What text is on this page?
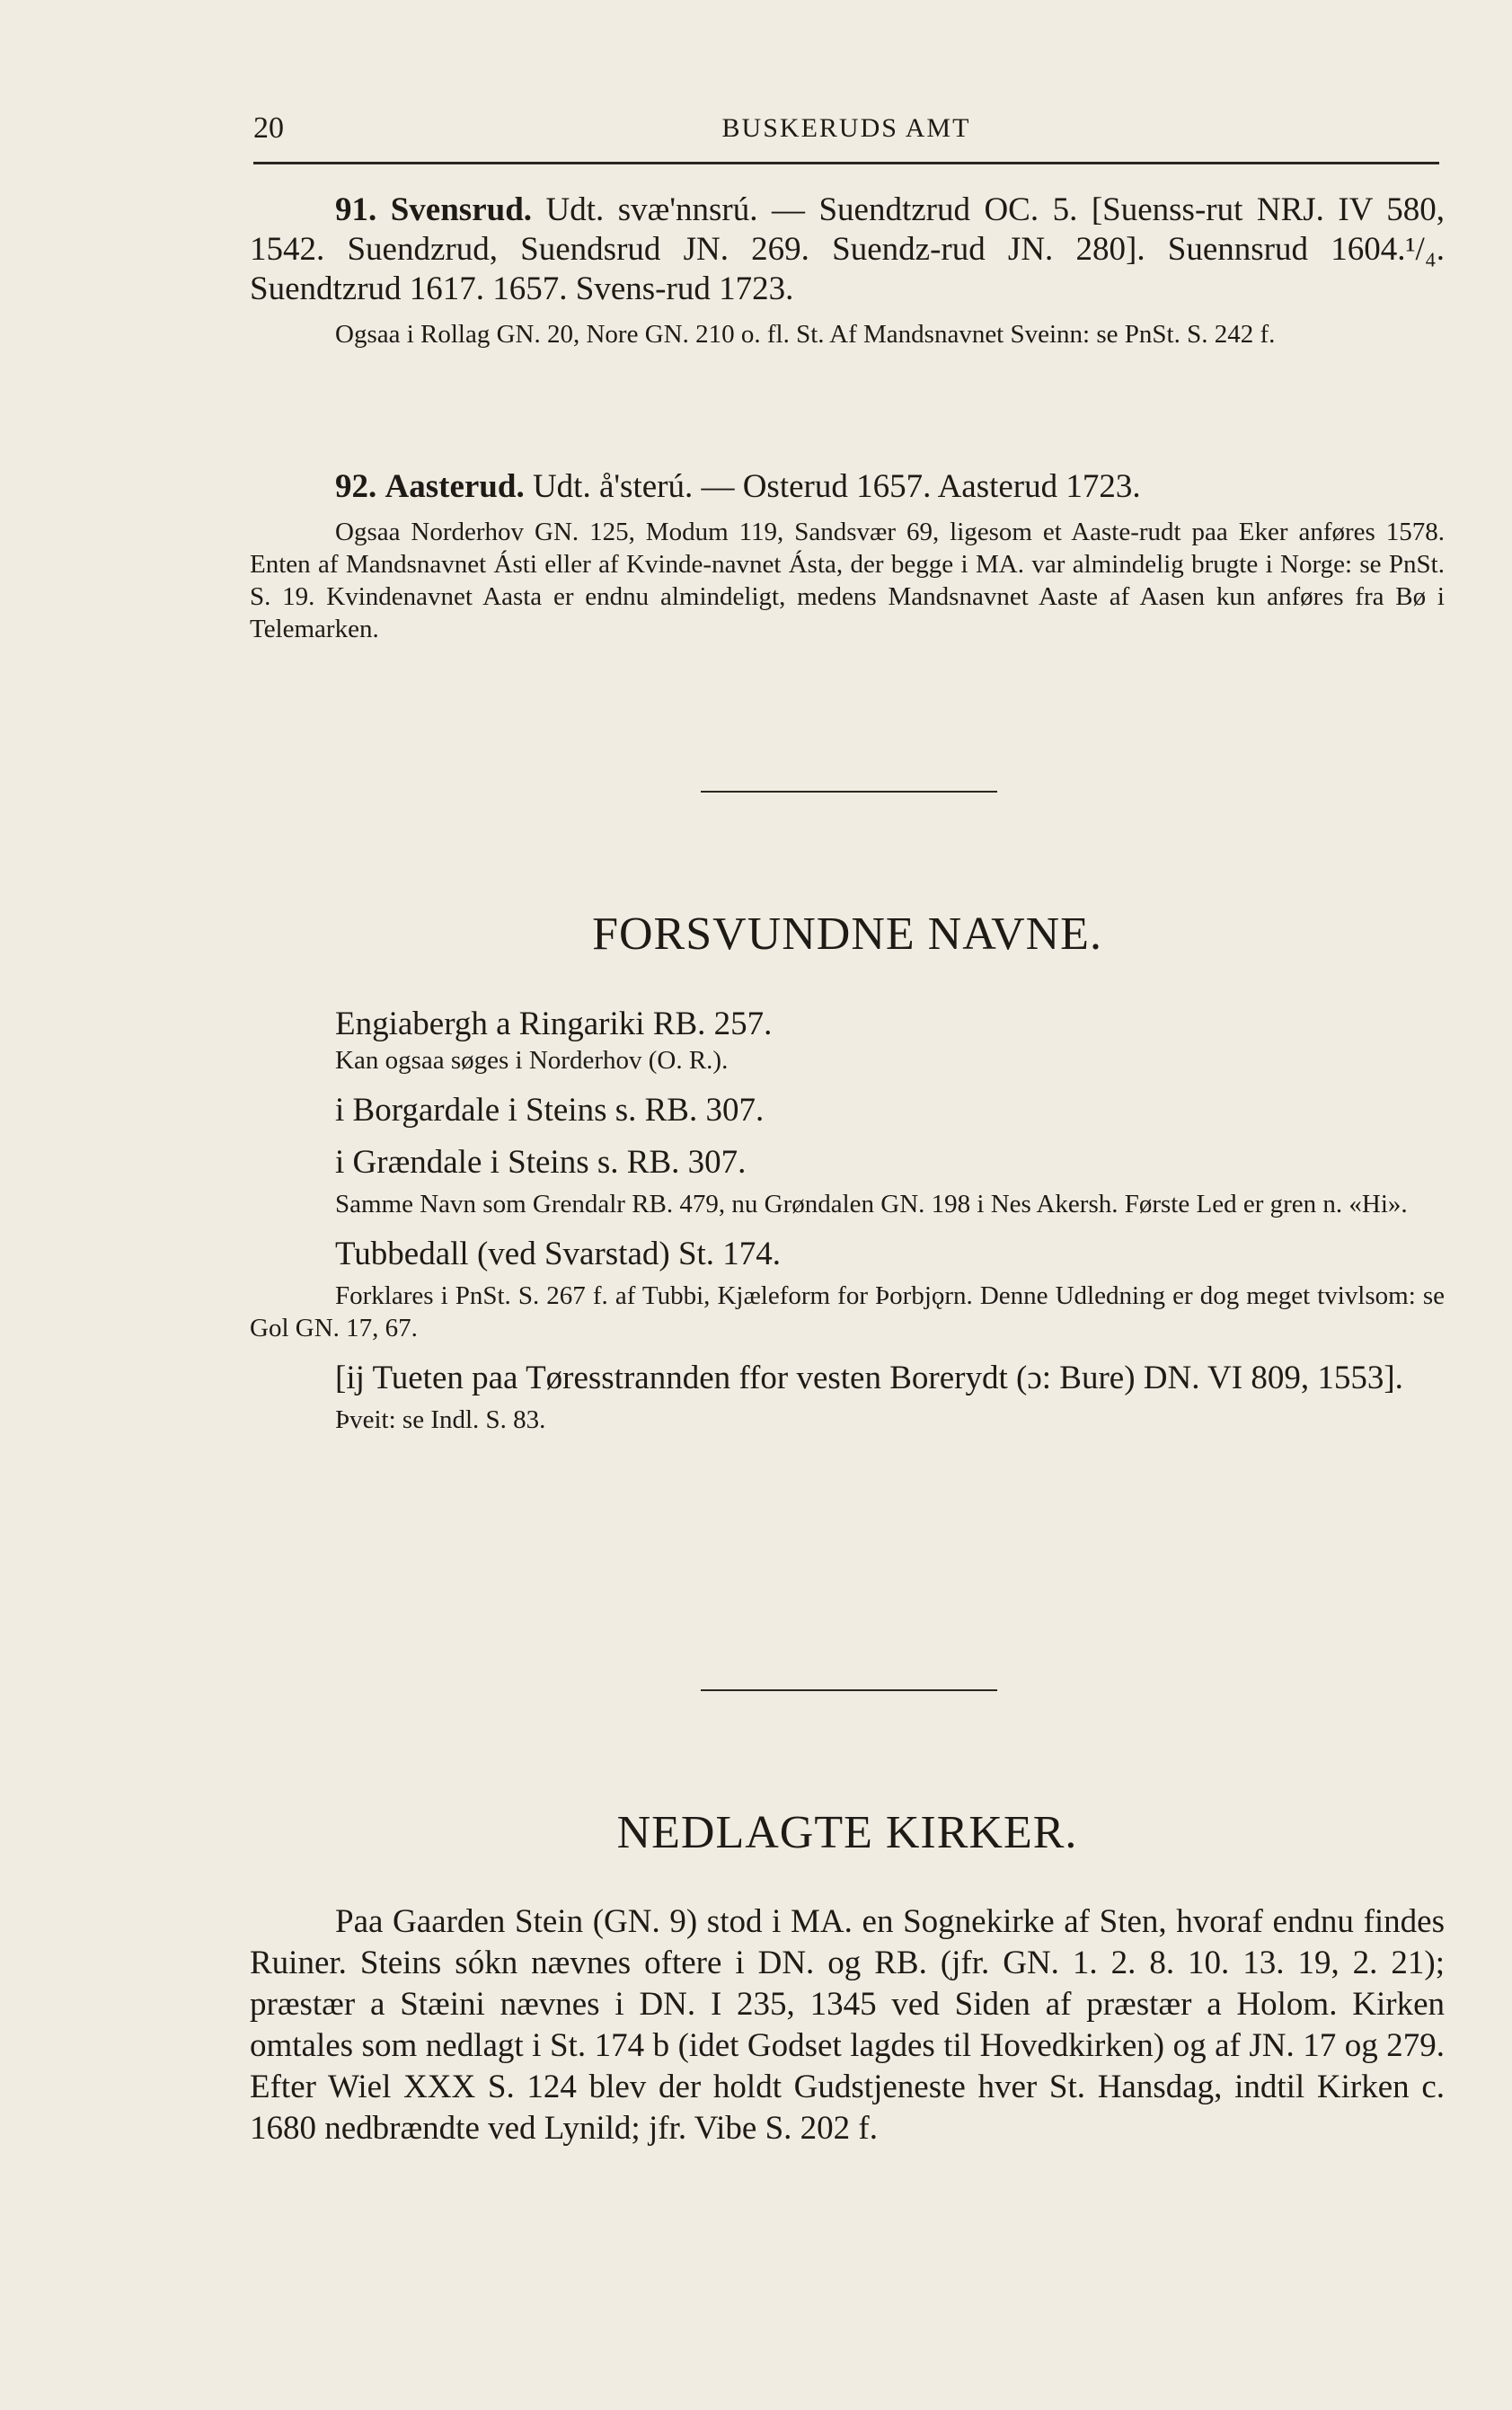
20	BUSKERUDS AMT

91. Svensrud. Udt. svæ'nnsrú. — Suendtzrud OC. 5. [Suenss-rut NRJ. IV 580, 1542. Suendzrud, Suendsrud JN. 269. Suendz-rud JN. 280]. Suennsrud 1604.¹/₄. Suendtzrud 1617. 1657. Svens-rud 1723.

Ogsaa i Rollag GN. 20, Nore GN. 210 o. fl. St. Af Mandsnavnet Sveinn: se PnSt. S. 242 f.

92. Aasterud. Udt. å'sterú. — Osterud 1657. Aasterud 1723.

Ogsaa Norderhov GN. 125, Modum 119, Sandsvær 69, ligesom et Aaste-rudt paa Eker anføres 1578. Enten af Mandsnavnet Ásti eller af Kvinde-navnet Ásta, der begge i MA. var almindelig brugte i Norge: se PnSt. S. 19. Kvindenavnet Aasta er endnu almindeligt, medens Mandsnavnet Aaste af Aasen kun anføres fra Bø i Telemarken.

FORSVUNDNE NAVNE.

Engiabergh a Ringariki RB. 257.

Kan ogsaa søges i Norderhov (O. R.).

i Borgardale i Steins s. RB. 307.

i Grændale i Steins s. RB. 307.

Samme Navn som Grendalr RB. 479, nu Grøndalen GN. 198 i Nes Akersh. Første Led er gren n. «Hi».

Tubbedall (ved Svarstad) St. 174.

Forklares i PnSt. S. 267 f. af Tubbi, Kjæleform for Þorbjǫrn. Denne Udledning er dog meget tvivlsom: se Gol GN. 17, 67.

[ij Tueten paa Tøresstrannden ffor vesten Borerydt (ɔ: Bure) DN. VI 809, 1553].

Þveit: se Indl. S. 83.

NEDLAGTE KIRKER.

Paa Gaarden Stein (GN. 9) stod i MA. en Sognekirke af Sten, hvoraf endnu findes Ruiner. Steins sókn nævnes oftere i DN. og RB. (jfr. GN. 1. 2. 8. 10. 13. 19, 2. 21); præstær a Stæini nævnes i DN. I 235, 1345 ved Siden af præstær a Holom. Kirken omtales som nedlagt i St. 174 b (idet Godset lagdes til Hovedkirken) og af JN. 17 og 279. Efter Wiel XXX S. 124 blev der holdt Gudstjeneste hver St. Hansdag, indtil Kirken c. 1680 nedbrændte ved Lynild; jfr. Vibe S. 202 f.
